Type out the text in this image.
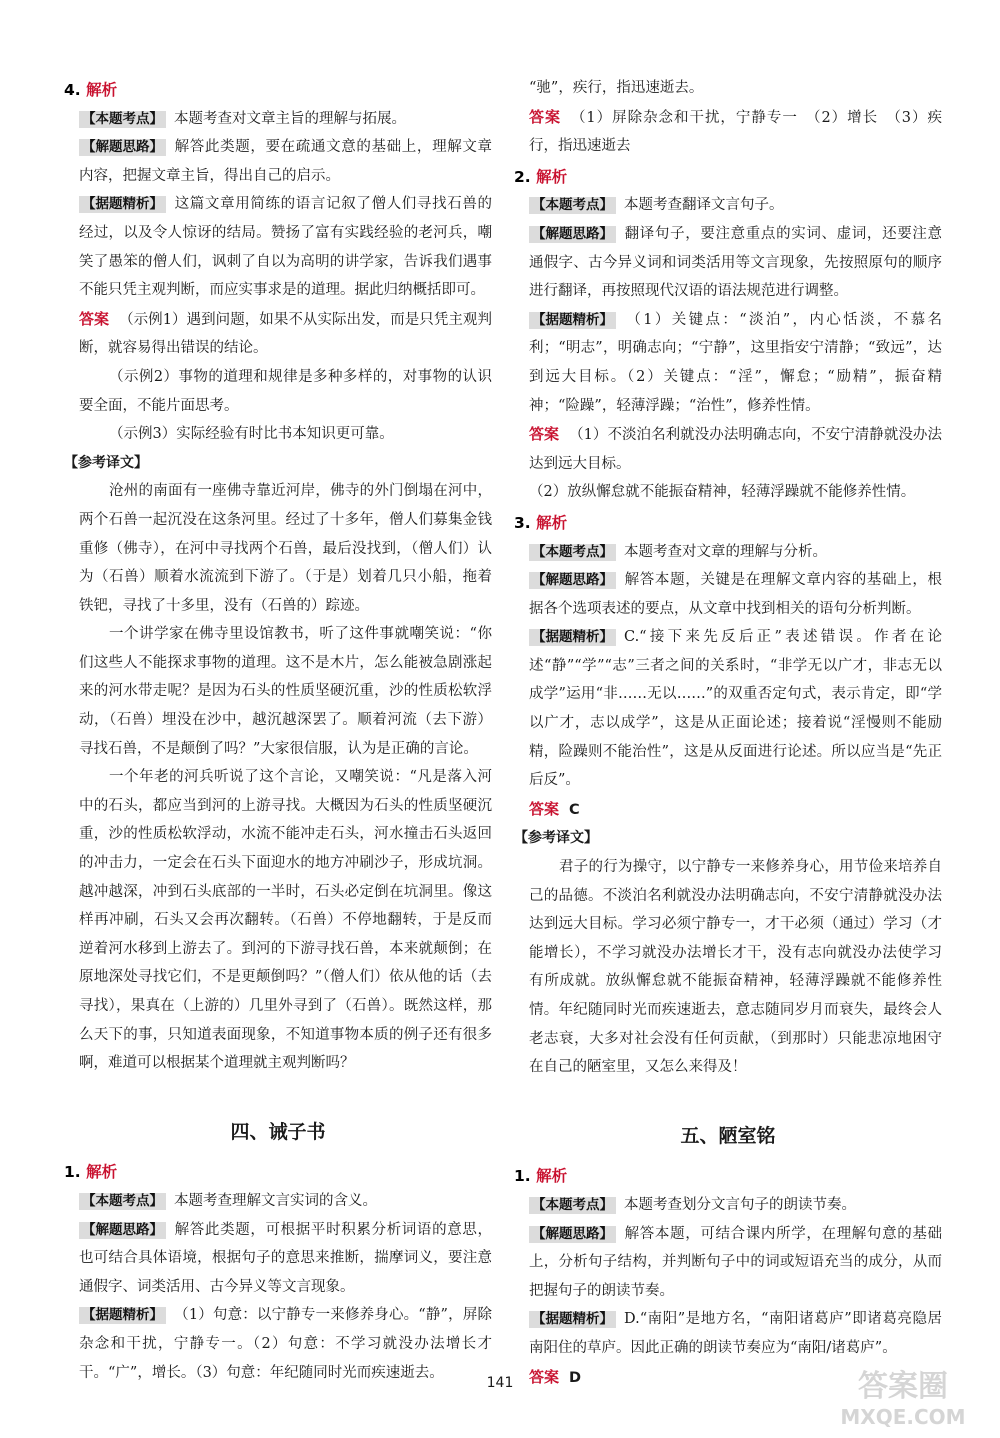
4. 解析

【本题考点】 本题考查对文章主旨的理解与拓展。

【解题思路】 解答此类题，要在疏通文意的基础上，理解文章内容，把握文章主旨，得出自己的启示。

【据题精析】 这篇文章用简练的语言记叙了僧人们寻找石兽的经过，以及令人惊讶的结局。赞扬了富有实践经验的老河兵，嘲笑了愚笨的僧人们，讽刺了自以为高明的讲学家，告诉我们遇事不能只凭主观判断，而应实事求是的道理。据此归纳概括即可。

答案 （示例1）遇到问题，如果不从实际出发，而是只凭主观判断，就容易得出错误的结论。

（示例2）事物的道理和规律是多种多样的，对事物的认识要全面，不能片面思考。

（示例3）实际经验有时比书本知识更可靠。

【参考译文】

沧州的南面有一座佛寺靠近河岸，佛寺的外门倒塌在河中，两个石兽一起沉没在这条河里。经过了十多年，僧人们募集金钱重修（佛寺），在河中寻找两个石兽，最后没找到，（僧人们）认为（石兽）顺着水流流到下游了。（于是）划着几只小船，拖着铁钯，寻找了十多里，没有（石兽的）踪迹。

一个讲学家在佛寺里设馆教书，听了这件事就嘲笑说：“你们这些人不能探求事物的道理。这不是木片，怎么能被急剧涨起来的河水带走呢？是因为石头的性质坚硬沉重，沙的性质松软浮动，（石兽）埋没在沙中，越沉越深罢了。顺着河流（去下游）寻找石兽，不是颠倒了吗？”大家很信服，认为是正确的言论。

一个年老的河兵听说了这个言论，又嘲笑说：“凡是落入河中的石头，都应当到河的上游寻找。大概因为石头的性质坚硬沉重，沙的性质松软浮动，水流不能冲走石头，河水撞击石头返回的冲击力，一定会在石头下面迎水的地方冲刷沙子，形成坑洞。越冲越深，冲到石头底部的一半时，石头必定倒在坑洞里。像这样再冲刷，石头又会再次翻转。（石兽）不停地翻转，于是反而逆着河水移到上游去了。到河的下游寻找石兽，本来就颠倒；在原地深处寻找它们，不是更颠倒吗？”（僧人们）依从他的话（去寻找），果真在（上游的）几里外寻到了（石兽）。既然这样，那么天下的事，只知道表面现象，不知道事物本质的例子还有很多啊，难道可以根据某个道理就主观判断吗？

四、诫子书

1. 解析

【本题考点】 本题考查理解文言实词的含义。

【解题思路】 解答此类题，可根据平时积累分析词语的意思，也可结合具体语境，根据句子的意思来推断，揣摩词义，要注意通假字、词类活用、古今异义等文言现象。

【据题精析】 （1）句意：以宁静专一来修养身心。“静”，屏除杂念和干扰，宁静专一。（2）句意：不学习就没办法增长才干。“广”，增长。（3）句意：年纪随同时光而疾速逝去。

“驰”，疾行，指迅速逝去。

答案 （1）屏除杂念和干扰，宁静专一　（2）增长　（3）疾行，指迅速逝去

2. 解析

【本题考点】 本题考查翻译文言句子。

【解题思路】 翻译句子，要注意重点的实词、虚词，还要注意通假字、古今异义词和词类活用等文言现象，先按照原句的顺序进行翻译，再按照现代汉语的语法规范进行调整。

【据题精析】 （1）关键点：“淡泊”，内心恬淡，不慕名利；“明志”，明确志向；“宁静”，这里指安宁清静；“致远”，达到远大目标。（2）关键点：“淫”，懈怠；“励精”，振奋精神；“险躁”，轻薄浮躁；“治性”，修养性情。

答案 （1）不淡泊名利就没办法明确志向，不安宁清静就没办法达到远大目标。

（2）放纵懈怠就不能振奋精神，轻薄浮躁就不能修养性情。

3. 解析

【本题考点】 本题考查对文章的理解与分析。

【解题思路】 解答本题，关键是在理解文章内容的基础上，根据各个选项表述的要点，从文章中找到相关的语句分析判断。

【据题精析】 C.“接下来先反后正”表述错误。作者在论述“静”“学”“志”三者之间的关系时，“非学无以广才，非志无以成学”运用“非……无以……”的双重否定句式，表示肯定，即“学以广才，志以成学”，这是从正面论述；接着说“淫慢则不能励精，险躁则不能治性”，这是从反面进行论述。所以应当是“先正后反”。

答案 C

【参考译文】

君子的行为操守，以宁静专一来修养身心，用节俭来培养自己的品德。不淡泊名利就没办法明确志向，不安宁清静就没办法达到远大目标。学习必须宁静专一，才干必须（通过）学习（才能增长），不学习就没办法增长才干，没有志向就没办法使学习有所成就。放纵懈怠就不能振奋精神，轻薄浮躁就不能修养性情。年纪随同时光而疾速逝去，意志随同岁月而衰失，最终会人老志衰，大多对社会没有任何贡献，（到那时）只能悲凉地困守在自己的陋室里，又怎么来得及！

五、陋室铭

1. 解析

【本题考点】 本题考查划分文言句子的朗读节奏。

【解题思路】 解答本题，可结合课内所学，在理解句意的基础上，分析句子结构，并判断句子中的词或短语充当的成分，从而把握句子的朗读节奏。

【据题精析】 D.“南阳”是地方名，“南阳诸葛庐”即诸葛亮隐居南阳住的草庐。因此正确的朗读节奏应为“南阳/诸葛庐”。

答案 D

141	答案圈
MXQE.COM
